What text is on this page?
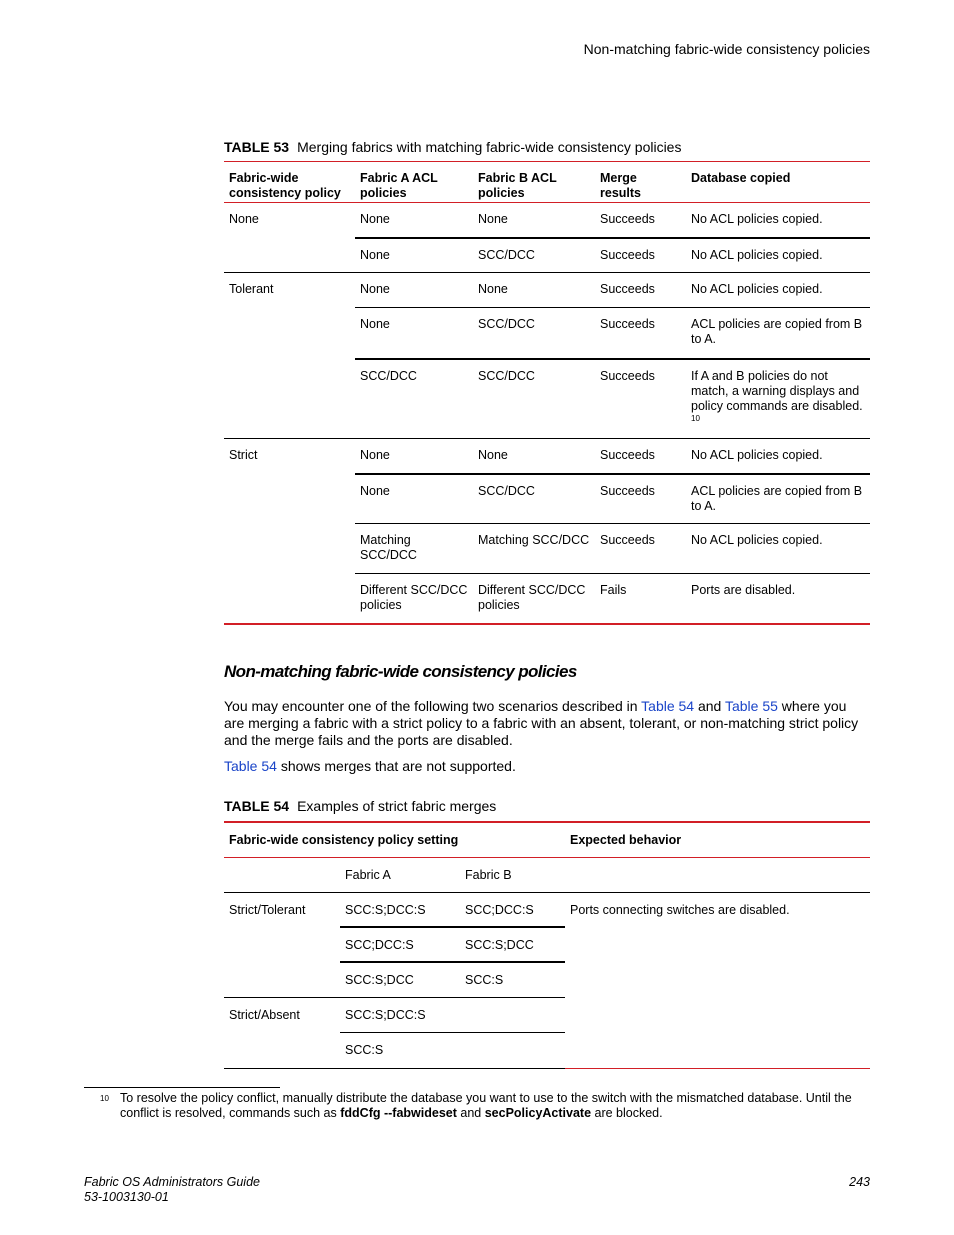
Non-matching fabric-wide consistency policies
TABLE 53 Merging fabrics with matching fabric-wide consistency policies
Fabric-wide consistency policy	Fabric A ACL policies	Fabric B ACL policies	Merge results	Database copied
None	None	None	Succeeds	No ACL policies copied.
	None	SCC/DCC	Succeeds	No ACL policies copied.
Tolerant	None	None	Succeeds	No ACL policies copied.
	None	SCC/DCC	Succeeds	ACL policies are copied from B to A.
	SCC/DCC	SCC/DCC	Succeeds	If A and B policies do not match, a warning displays and policy commands are disabled.
10

Strict	None	None	Succeeds	No ACL policies copied.
	None	SCC/DCC	Succeeds	ACL policies are copied from B to A.
	Matching SCC/DCC	Matching SCC/DCC	Succeeds	No ACL policies copied.
	Different SCC/DCC policies	Different SCC/DCC policies	Fails	Ports are disabled.
Non-matching fabric-wide consistency policies

You may encounter one of the following two scenarios described in Table 54 and Table 55 where you are merging a fabric with a strict policy to a fabric with an absent, tolerant, or non-matching strict policy and the merge fails and the ports are disabled.

Table 54 shows merges that are not supported.

TABLE 54 Examples of strict fabric merges
Fabric-wide consistency policy setting			Expected behavior
	Fabric A	Fabric B	
Strict/Tolerant	SCC:S;DCC:S	SCC;DCC:S	Ports connecting switches are disabled.
	SCC;DCC:S	SCC:S;DCC	
	SCC:S;DCC	SCC:S	
Strict/Absent	SCC:S;DCC:S		
	SCC:S		
10 To resolve the policy conflict, manually distribute the database you want to use to the switch with the mismatched database. Until the conflict is resolved, commands such as fddCfg --fabwideset and secPolicyActivate are blocked.
Fabric OS Administrators Guide
53-1003130-01
243
